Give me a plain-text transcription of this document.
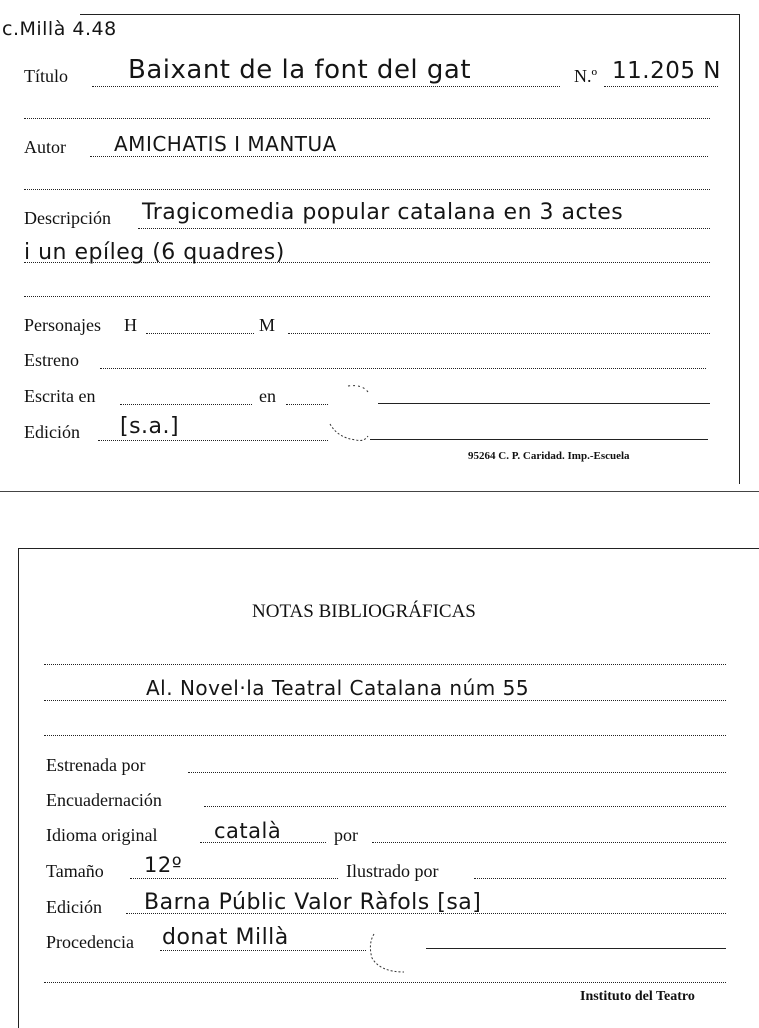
c.Millà 4.48
Título Baixant de la font del gat	N.º 11.205 N
Autor AMICHATIS I MANTUA
Descripción Tragicomedia popular catalana en 3 actes
i un epíleg (6 quadres)
Personajes H	M
Estreno
Escrita en	en
Edición [s.a.]
95264 C. P. Caridad. Imp.-Escuela
NOTAS BIBLIOGRÁFICAS
Al. Novel·la Teatral Catalana núm 55
Estrenada por
Encuadernación
Idioma original	català	por
Tamaño 12º	Ilustrado por
Edición Barna Públic Valor Ràfols [sa]
Procedencia donat Millà
Instituto del Teatro
